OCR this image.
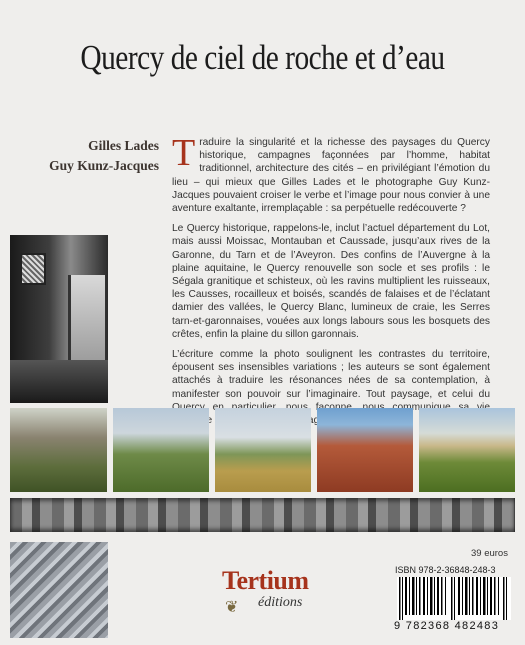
Quercy de ciel de roche et d’eau
Gilles Lades
Guy Kunz-Jacques Traduire la singularité et la richesse des paysages du Quercy historique, campagnes façonnées par l’homme, habitat traditionnel, architecture des cités – en privilégiant l’émotion du lieu – qui mieux que Gilles Lades et le photographe Guy Kunz-Jacques pouvaient croiser le verbe et l’image pour nous convier à une aventure exaltante, irremplaçable : sa perpétuelle redécouverte ?

Le Quercy historique, rappelons-le, inclut l’actuel département du Lot, mais aussi Moissac, Montauban et Caussade, jusqu’aux rives de la Garonne, du Tarn et de l’Aveyron. Des confins de l’Auvergne à la plaine aquitaine, le Quercy renouvelle son socle et ses profils : le Ségala granitique et schisteux, où les ravins multiplient les ruisseaux, les Causses, rocailleux et boisés, scandés de falaises et de l’éclatant damier des vallées, le Quercy Blanc, lumineux de craie, les Serres tarn-et-garonnaises, vouées aux longs labours sous les bosquets des crêtes, enfin la plaine du sillon garonnais.

L’écriture comme la photo soulignent les contrastes du territoire, épousent ses insensibles variations ; les auteurs se sont également attachés à traduire les résonances nées de sa contemplation, à manifester son pouvoir sur l’imaginaire. Tout paysage, et celui du

39 euros
Tertium
❦ éditions
ISBN 978-2-36848-248-3
9 782368 482483
